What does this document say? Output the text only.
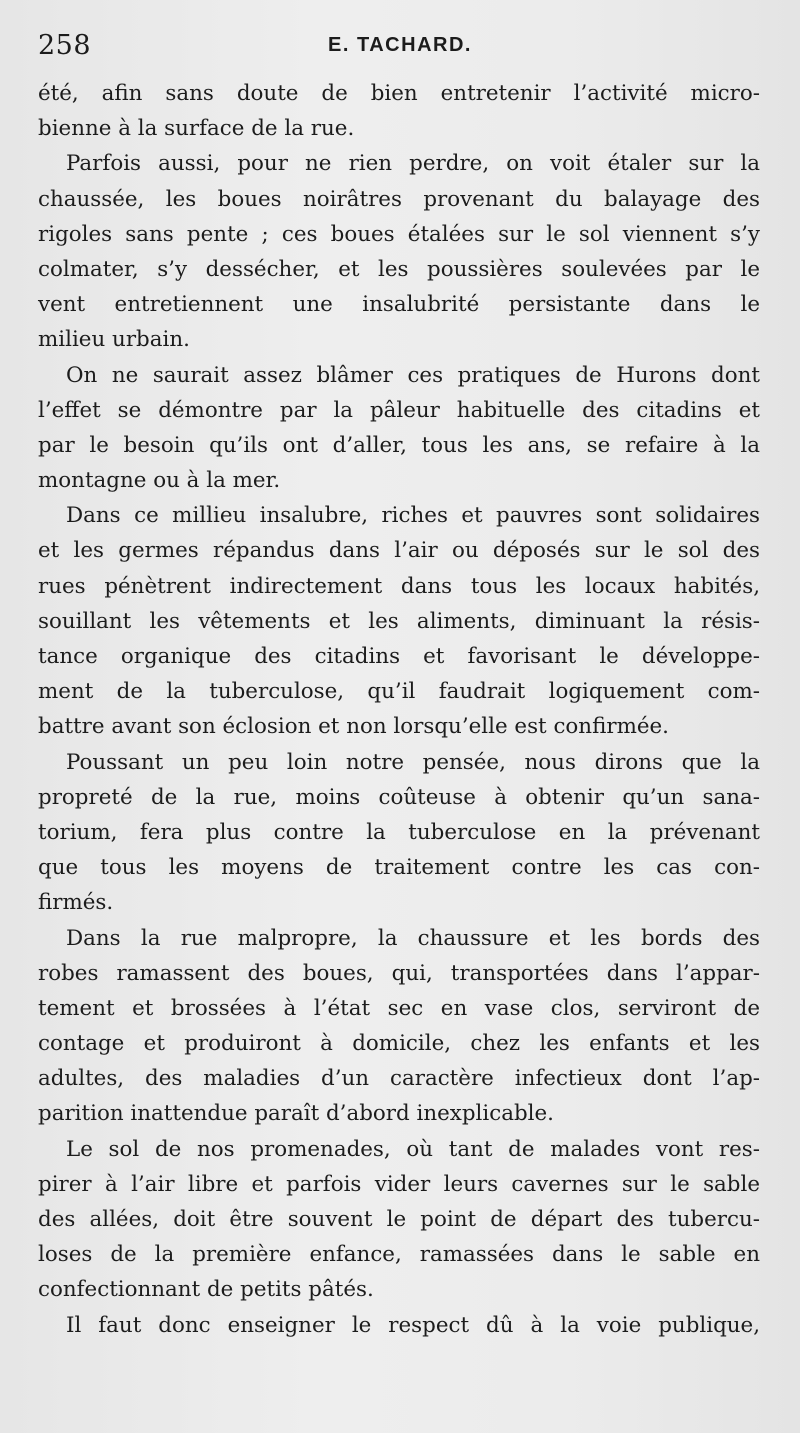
258	E. TACHARD.
été, afin sans doute de bien entretenir l’activité micro-
bienne à la surface de la rue.
Parfois aussi, pour ne rien perdre, on voit étaler sur la
chaussée, les boues noirâtres provenant du balayage des
rigoles sans pente ; ces boues étalées sur le sol viennent s’y
colmater, s’y dessécher, et les poussières soulevées par le
vent entretiennent une insalubrité persistante dans le
milieu urbain.
On ne saurait assez blâmer ces pratiques de Hurons dont
l’effet se démontre par la pâleur habituelle des citadins et
par le besoin qu’ils ont d’aller, tous les ans, se refaire à la
montagne ou à la mer.
Dans ce millieu insalubre, riches et pauvres sont solidaires
et les germes répandus dans l’air ou déposés sur le sol des
rues pénètrent indirectement dans tous les locaux habités,
souillant les vêtements et les aliments, diminuant la résis-
tance organique des citadins et favorisant le développe-
ment de la tuberculose, qu’il faudrait logiquement com-
battre avant son éclosion et non lorsqu’elle est confirmée.
Poussant un peu loin notre pensée, nous dirons que la
propreté de la rue, moins coûteuse à obtenir qu’un sana-
torium, fera plus contre la tuberculose en la prévenant
que tous les moyens de traitement contre les cas con-
firmés.
Dans la rue malpropre, la chaussure et les bords des
robes ramassent des boues, qui, transportées dans l’appar-
tement et brossées à l’état sec en vase clos, serviront de
contage et produiront à domicile, chez les enfants et les
adultes, des maladies d’un caractère infectieux dont l’ap-
parition inattendue paraît d’abord inexplicable.
Le sol de nos promenades, où tant de malades vont res-
pirer à l’air libre et parfois vider leurs cavernes sur le sable
des allées, doit être souvent le point de départ des tubercu-
loses de la première enfance, ramassées dans le sable en
confectionnant de petits pâtés.
Il faut donc enseigner le respect dû à la voie publique,
